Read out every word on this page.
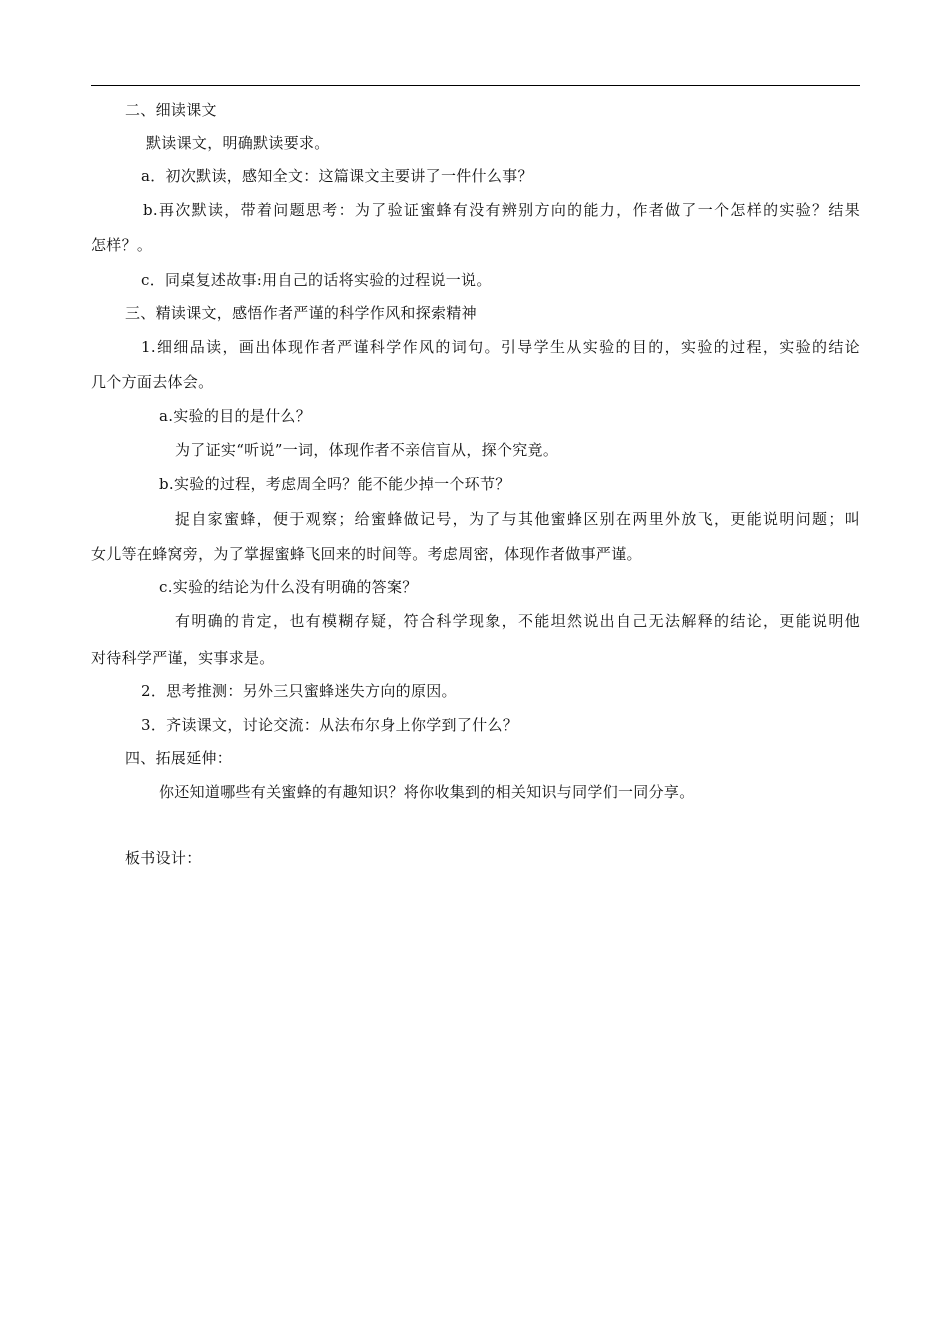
二、细读课文
默读课文，明确默读要求。
a．初次默读，感知全文：这篇课文主要讲了一件什么事？
b.再次默读，带着问题思考：为了验证蜜蜂有没有辨别方向的能力，作者做了一个怎样的实验？结果
怎样？。
c．同桌复述故事:用自己的话将实验的过程说一说。
三、精读课文，感悟作者严谨的科学作风和探索精神
1.细细品读，画出体现作者严谨科学作风的词句。引导学生从实验的目的，实验的过程，实验的结论
几个方面去体会。
a.实验的目的是什么？
为了证实“听说”一词，体现作者不亲信盲从，探个究竟。
b.实验的过程，考虑周全吗？能不能少掉一个环节？
捉自家蜜蜂，便于观察；给蜜蜂做记号，为了与其他蜜蜂区别在两里外放飞，更能说明问题；叫
女儿等在蜂窝旁，为了掌握蜜蜂飞回来的时间等。考虑周密，体现作者做事严谨。
c.实验的结论为什么没有明确的答案？
有明确的肯定，也有模糊存疑，符合科学现象，不能坦然说出自己无法解释的结论，更能说明他
对待科学严谨，实事求是。
2．思考推测：另外三只蜜蜂迷失方向的原因。
3．齐读课文，讨论交流：从法布尔身上你学到了什么？
四、拓展延伸：
你还知道哪些有关蜜蜂的有趣知识？将你收集到的相关知识与同学们一同分享。
板书设计：
